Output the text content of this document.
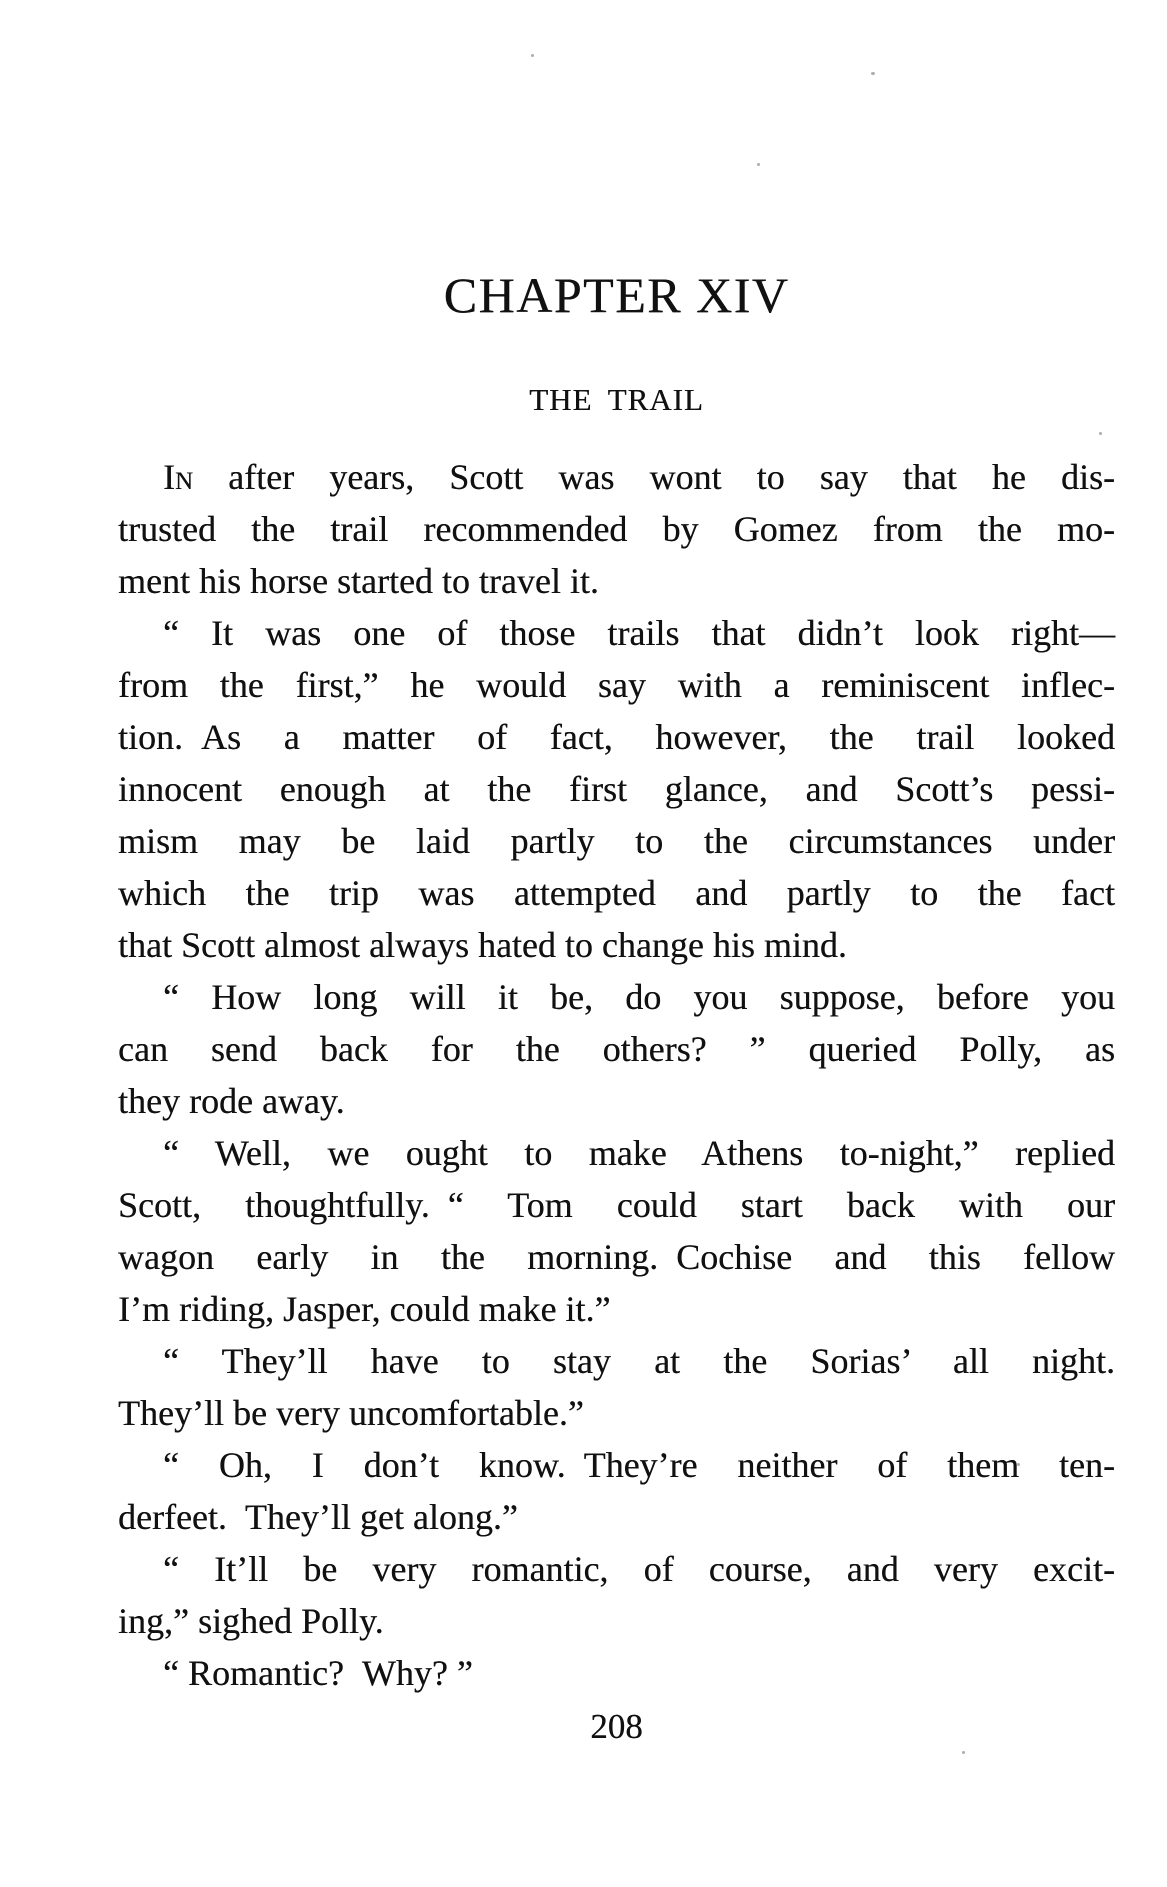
CHAPTER XIV
THE TRAIL
In after years, Scott was wont to say that he dis-
trusted the trail recommended by Gomez from the mo-
ment his horse started to travel it.
“ It was one of those trails that didn’t look right—
from the first,” he would say with a reminiscent inflec-
tion. As a matter of fact, however, the trail looked
innocent enough at the first glance, and Scott’s pessi-
mism may be laid partly to the circumstances under
which the trip was attempted and partly to the fact
that Scott almost always hated to change his mind.
“ How long will it be, do you suppose, before you
can send back for the others? ” queried Polly, as
they rode away.
“ Well, we ought to make Athens to-night,” replied
Scott, thoughtfully. “ Tom could start back with our
wagon early in the morning. Cochise and this fellow
I’m riding, Jasper, could make it.”
“ They’ll have to stay at the Sorias’ all night.
They’ll be very uncomfortable.”
“ Oh, I don’t know. They’re neither of them ten-
derfeet. They’ll get along.”
“ It’ll be very romantic, of course, and very excit-
ing,” sighed Polly.
“ Romantic? Why? ”
208
